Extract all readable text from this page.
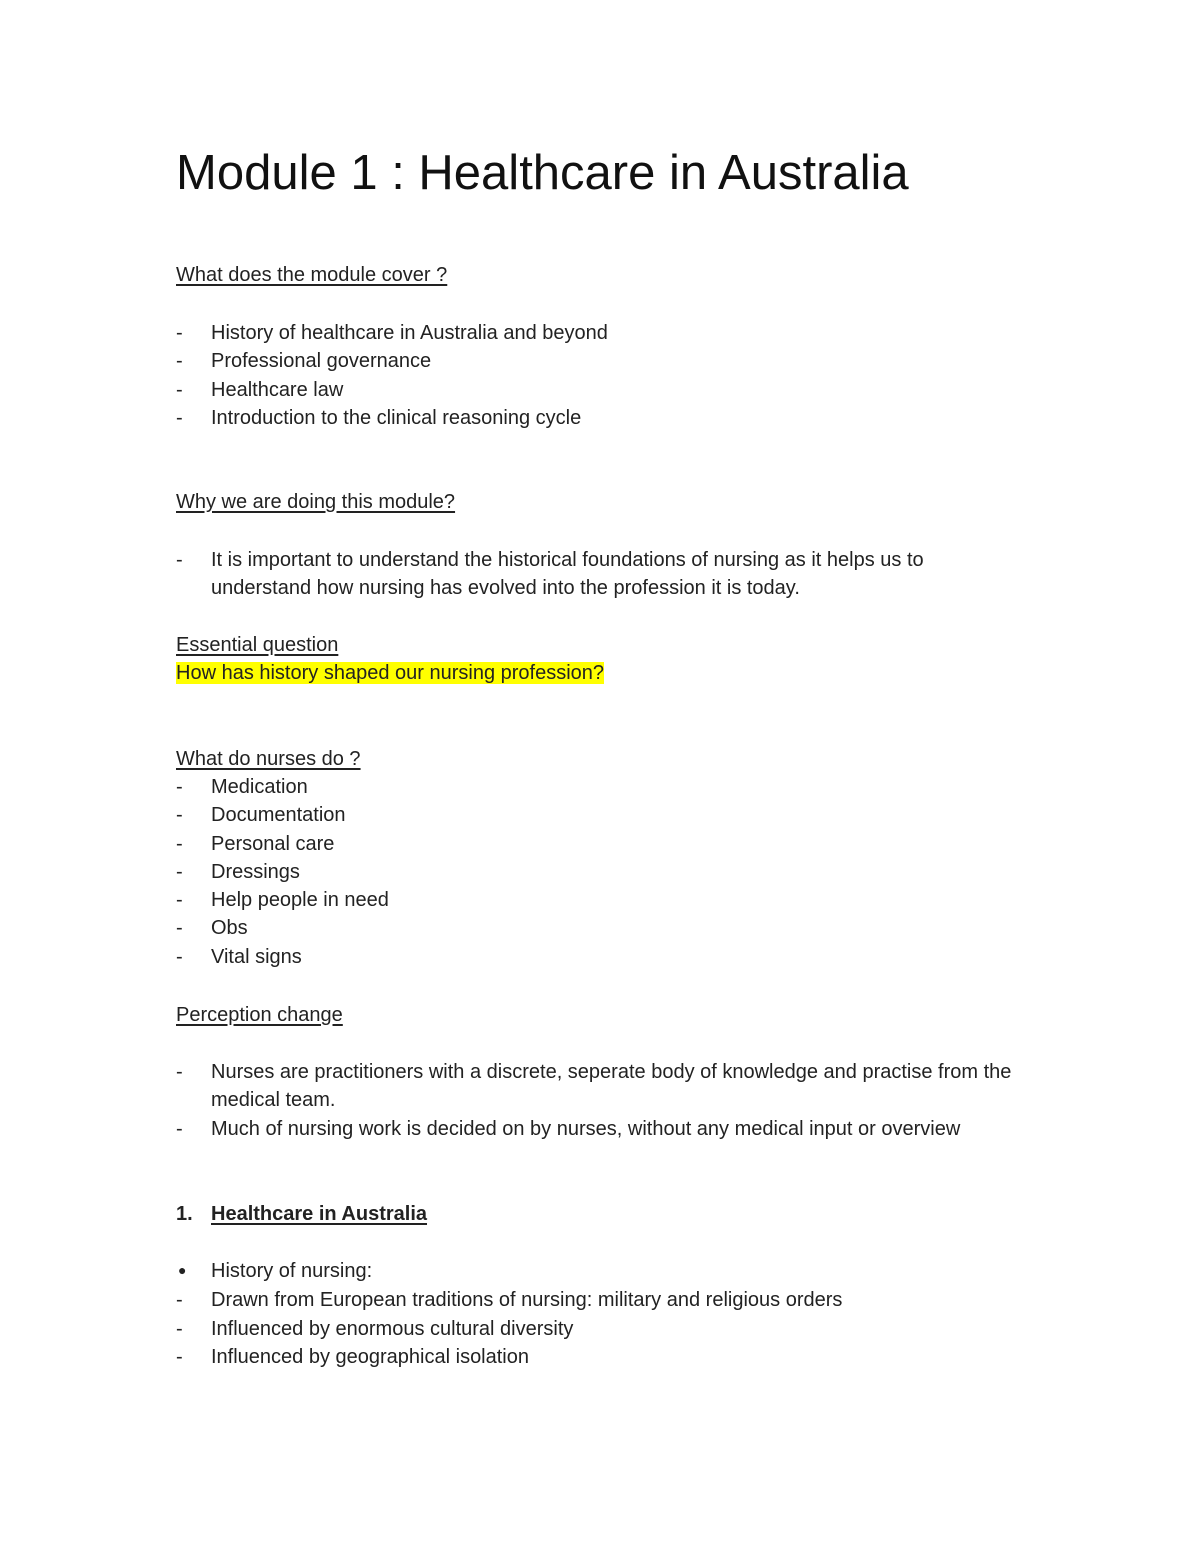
Module 1 : Healthcare in Australia
What does the module cover ?
-	History of healthcare in Australia and beyond
-	Professional governance
-	Healthcare law
-	Introduction to the clinical reasoning cycle
Why we are doing this module?
-	It is important to understand the historical foundations of nursing as it helps us to understand how nursing has evolved into the profession it is today.
Essential question
How has history shaped our nursing profession?
What do nurses do ?
-	Medication
-	Documentation
-	Personal care
-	Dressings
-	Help people in need
-	Obs
-	Vital signs
Perception change
-	Nurses are practitioners with a discrete, seperate body of knowledge and practise from the medical team.
-	Much of nursing work is decided on by nurses, without any medical input or overview
1. Healthcare in Australia
●	History of nursing:
-	Drawn from European traditions of nursing: military and religious orders
-	Influenced by enormous cultural diversity
-	Influenced by geographical isolation
